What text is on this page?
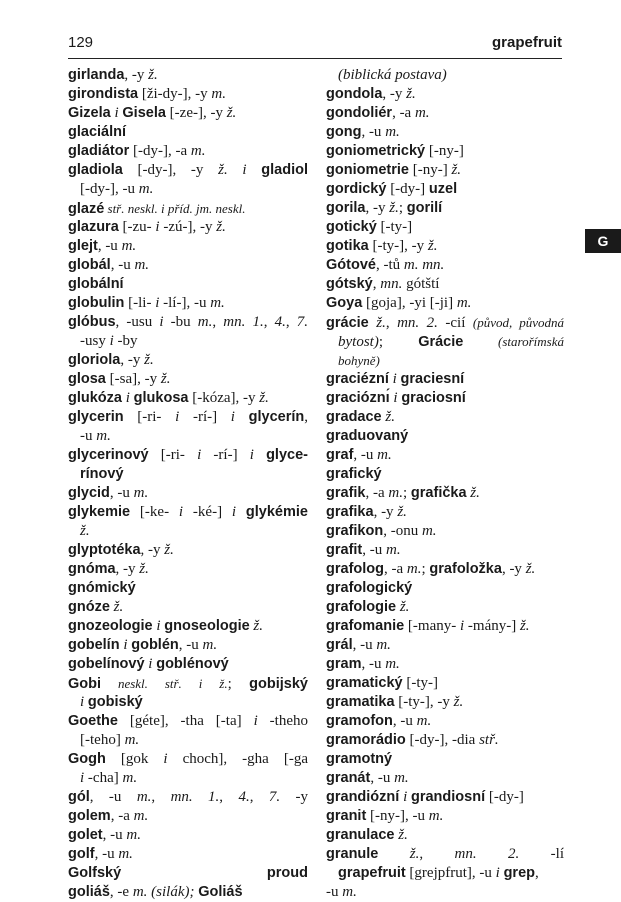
129	grapefruit
G
girlanda, -y ž.
girondista [ži-dy-], -y m.
Gizela i Gisela [-ze-], -y ž.
glaciální
gladiátor [-dy-], -a m.
gladiola [-dy-], -y ž. i gladiol
[-dy-], -u m.
glazé stř. neskl. i příd. jm. neskl.
glazura [-zu- i -zú-], -y ž.
glejt, -u m.
globál, -u m.
globální
globulin [-li- i -lí-], -u m.
glóbus, -usu i -bu m., mn. 1., 4., 7.
-usy i -by
gloriola, -y ž.
glosa [-sa], -y ž.
glukóza i glukosa [-kóza], -y ž.
glycerin [-ri- i -rí-] i glycerín,
-u m.
glycerinový [-ri- i -rí-] i glyce-
rínový
glycid, -u m.
glykemie [-ke- i -ké-] i glykémie
ž.
glyptotéka, -y ž.
gnóma, -y ž.
gnómický
gnóze ž.
gnozeologie i gnoseologie ž.
gobelín i goblén, -u m.
gobelínový i goblénový
Gobi neskl. stř. i ž.; gobijský
i gobiský
Goethe [géte], -tha [-ta] i -theho
[-teho] m.
Gogh [gok i choch], -gha [-ga
i -cha] m.
gól, -u m., mn. 1., 4., 7. -y
golem, -a m.
golet, -u m.
golf, -u m.
Golfský proud
goliáš, -e m. (silák); Goliáš
(biblická postava)
gondola, -y ž.
gondoliér, -a m.
gong, -u m.
goniometrický [-ny-]
goniometrie [-ny-] ž.
gordický [-dy-] uzel
gorila, -y ž.; gorilí
gotický [-ty-]
gotika [-ty-], -y ž.
Gótové, -tů m. mn.
gótský, mn. gótští
Goya [goja], -yi [-ji] m.
grácie ž., mn. 2. -cií (původ, původná
bytost); Grácie (starořímská
bohyně)
graciézní i graciesní
gracióznı́ i graciosní
gradace ž.
graduovaný
graf, -u m.
grafický
grafik, -a m.; grafička ž.
grafika, -y ž.
grafikon, -onu m.
grafit, -u m.
grafolog, -a m.; grafoložka, -y ž.
grafologický
grafologie ž.
grafomanie [-many- i -mány-] ž.
grál, -u m.
gram, -u m.
gramatický [-ty-]
gramatika [-ty-], -y ž.
gramofon, -u m.
gramorádio [-dy-], -dia stř.
gramotný
granát, -u m.
grandiózní i grandiosní [-dy-]
granit [-ny-], -u m.
granulace ž.
granule ž., mn. 2. -lí
grapefruit [grejpfrut], -u i grep,
-u m.
